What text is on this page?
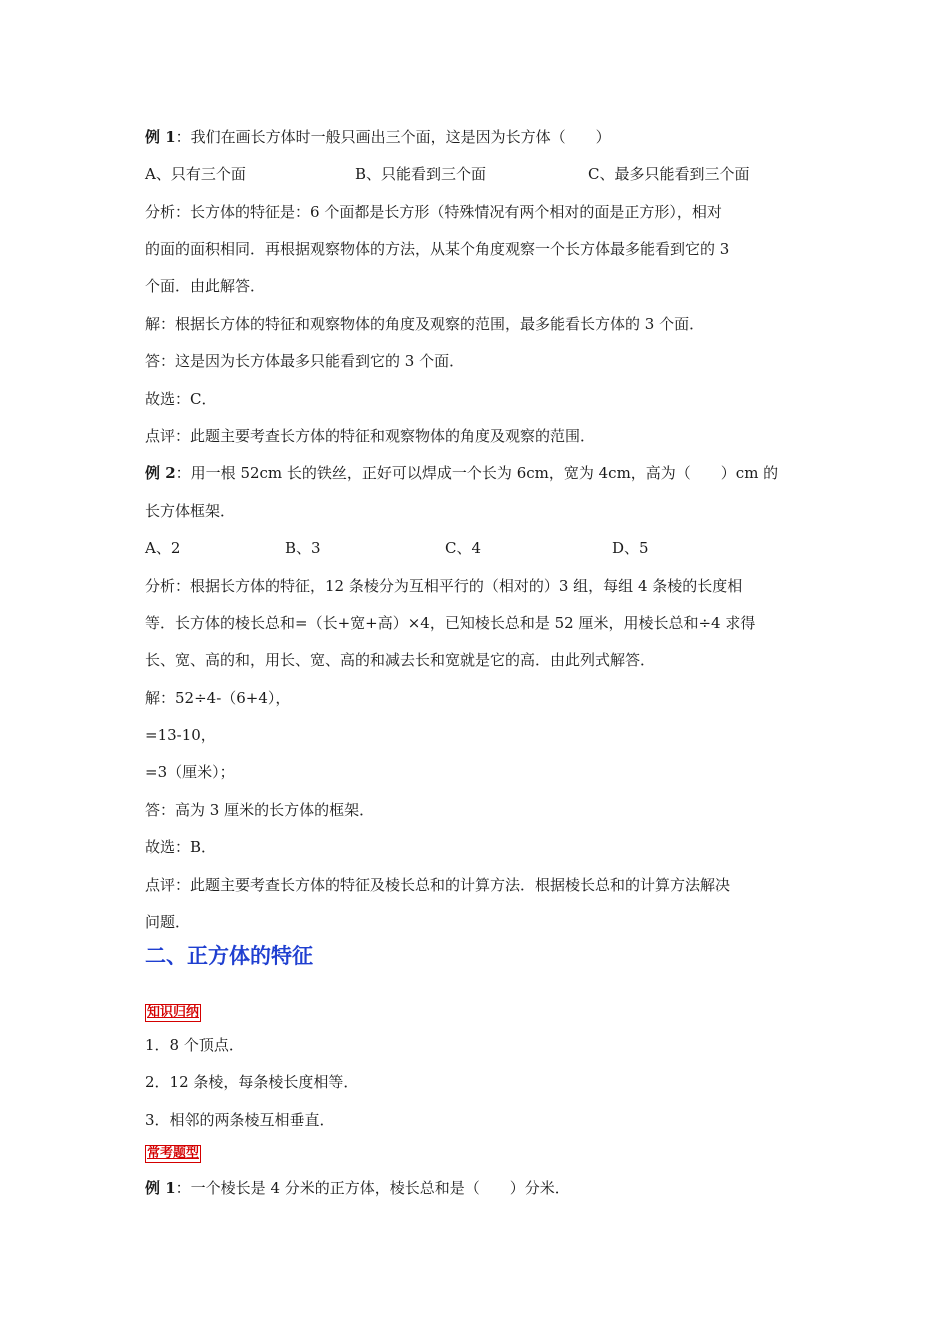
例 1：我们在画长方体时一般只画出三个面，这是因为长方体（　　）
A、只有三个面	B、只能看到三个面	C、最多只能看到三个面
分析：长方体的特征是：6 个面都是长方形（特殊情况有两个相对的面是正方形），相对
的面的面积相同．再根据观察物体的方法，从某个角度观察一个长方体最多能看到它的 3
个面．由此解答．
解：根据长方体的特征和观察物体的角度及观察的范围，最多能看长方体的 3 个面．
答：这是因为长方体最多只能看到它的 3 个面．
故选：C．
点评：此题主要考查长方体的特征和观察物体的角度及观察的范围．
例 2：用一根 52cm 长的铁丝，正好可以焊成一个长为 6cm，宽为 4cm，高为（　　）cm 的
长方体框架．
A、2	B、3	C、4	D、5
分析：根据长方体的特征，12 条棱分为互相平行的（相对的）3 组，每组 4 条棱的长度相
等．长方体的棱长总和=（长+宽+高）×4，已知棱长总和是 52 厘米，用棱长总和÷4 求得
长、宽、高的和，用长、宽、高的和减去长和宽就是它的高．由此列式解答．
解：52÷4-（6+4），
=13-10，
=3（厘米）；
答：高为 3 厘米的长方体的框架．
故选：B．
点评：此题主要考查长方体的特征及棱长总和的计算方法．根据棱长总和的计算方法解决
问题．
二、正方体的特征
知识归纳
1．8 个顶点．
2．12 条棱，每条棱长度相等．
3．相邻的两条棱互相垂直．
常考题型
例 1：一个棱长是 4 分米的正方体，棱长总和是（　　）分米．
